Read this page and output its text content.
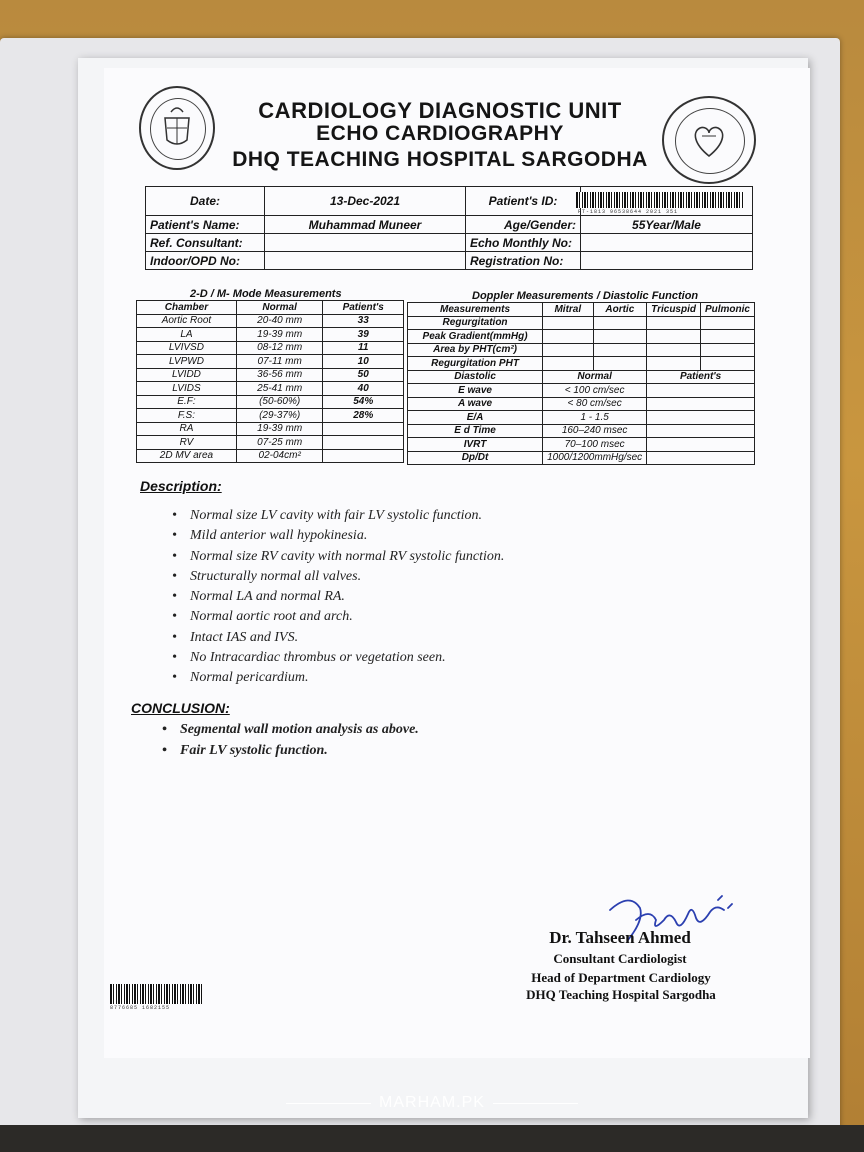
CARDIOLOGY DIAGNOSTIC UNIT
ECHO CARDIOGRAPHY
DHQ TEACHING HOSPITAL SARGODHA
Date:	13-Dec-2021	Patient's ID:	
Patient's Name:	Muhammad Muneer	Age/Gender:	55Year/Male
Ref. Consultant:		Echo Monthly No:	
Indoor/OPD No:		Registration No:	
PT-1813 96538644 2021 351
2-D / M- Mode Measurements
Chamber	Normal	Patient's
Aortic Root	20-40 mm	33
LA	19-39 mm	39
LVIVSD	08-12 mm	11
LVPWD	07-11 mm	10
LVIDD	36-56 mm	50
LVIDS	25-41 mm	40
E.F:	(50-60%)	54%
F.S:	(29-37%)	28%
RA	19-39 mm	
RV	07-25 mm	
2D MV area	02-04cm²	
Doppler Measurements / Diastolic Function
Measurements	Mitral	Aortic	Tricuspid	Pulmonic
Regurgitation				
Peak Gradient(mmHg)				
Area by PHT(cm²)				
Regurgitation PHT				
Diastolic	Normal		Patient's	
E wave	< 100 cm/sec			
A wave	< 80 cm/sec			
E/A	1 - 1.5			
E d Time	160–240 msec			
IVRT	70–100 msec			
Dp/Dt	1000/1200mmHg/sec			
Description:
• Normal size LV cavity with fair LV systolic function.
• Mild anterior wall hypokinesia.
• Normal size RV cavity with normal RV systolic function.
• Structurally normal all valves.
• Normal LA and normal RA.
• Normal aortic root and arch.
• Intact IAS and IVS.
• No Intracardiac thrombus or vegetation seen.
• Normal pericardium.
CONCLUSION:
• Segmental wall motion analysis as above.
• Fair LV systolic function.
Dr. Tahseen Ahmed
Consultant Cardiologist
Head of Department Cardiology
DHQ Teaching Hospital Sargodha
8776685 1682155
MARHAM.PK
